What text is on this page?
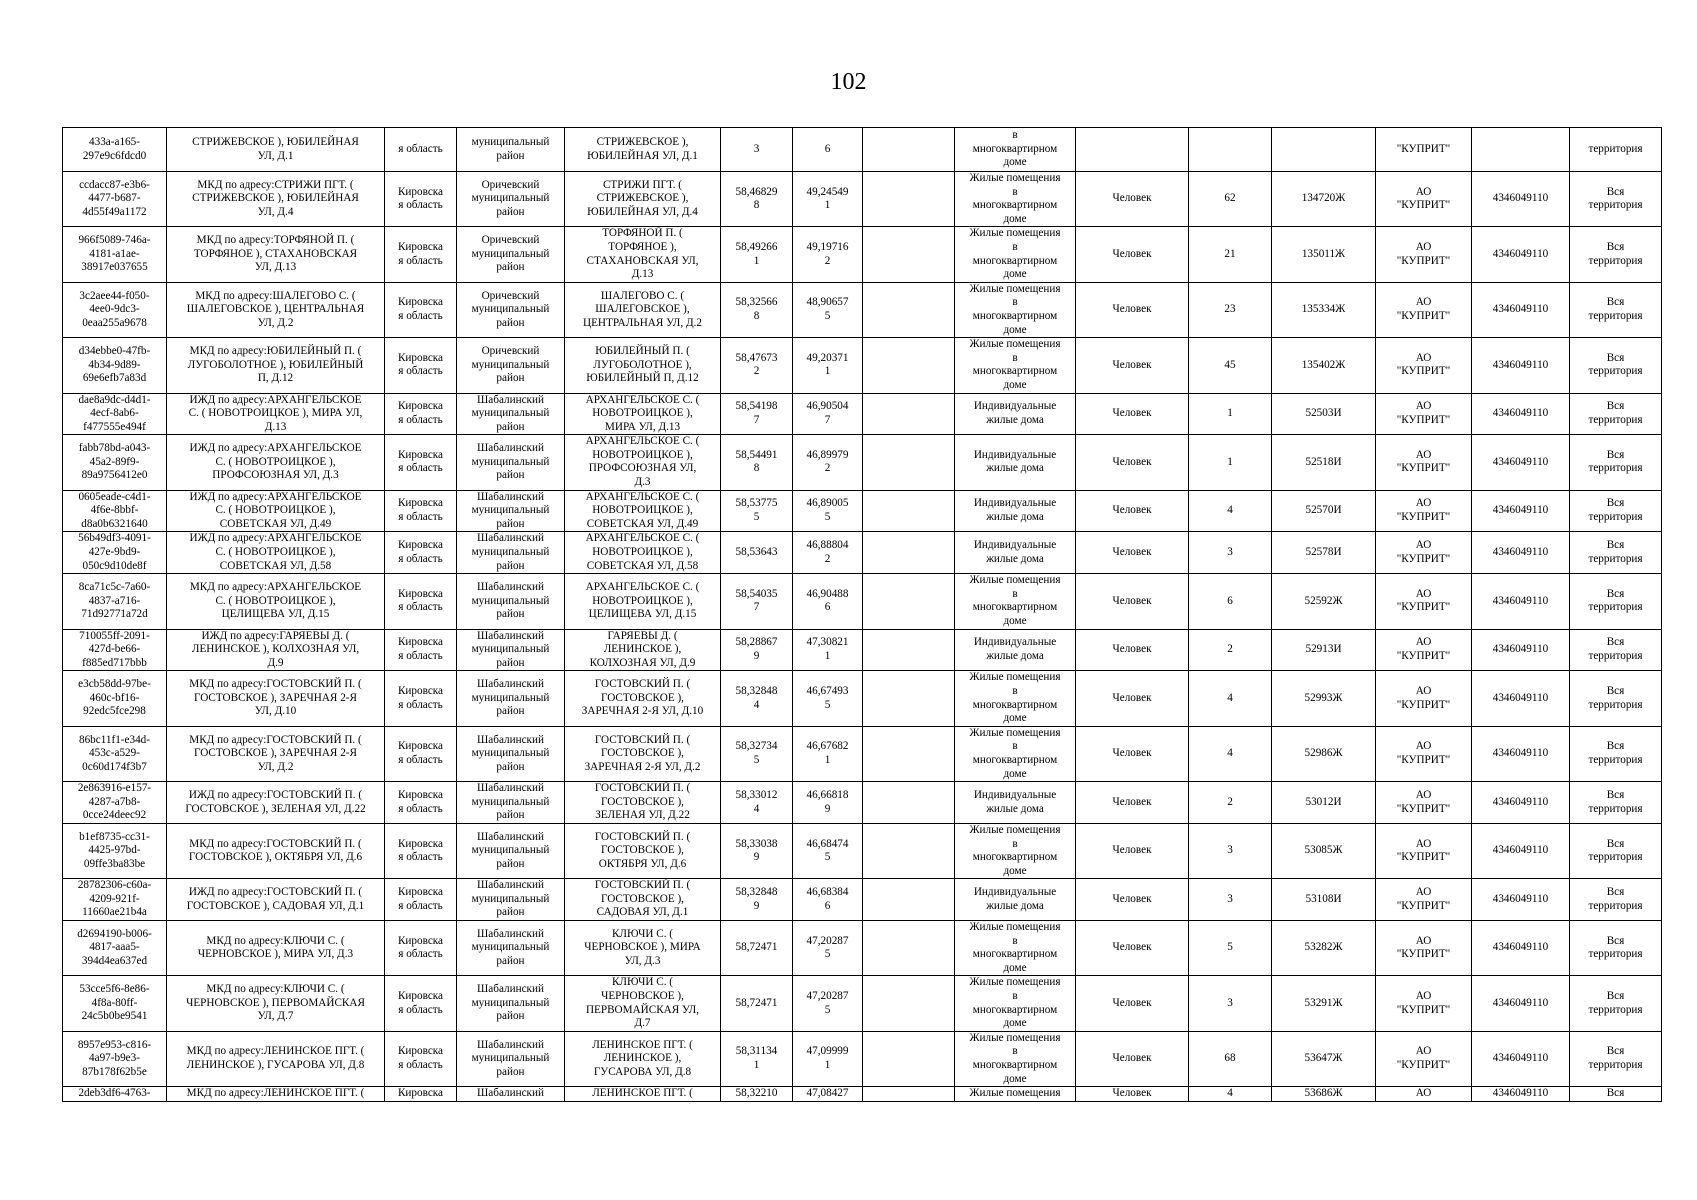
102
433a-a165-
297e9c6fdcd0	СТРИЖЕВСКОЕ ), ЮБИЛЕЙНАЯ
УЛ, Д.1	я область	муниципальный
район	СТРИЖЕВСКОЕ ),
ЮБИЛЕЙНАЯ УЛ, Д.1	3	6		в
многоквартирном
доме				"КУПРИТ"		территория
ccdacc87-e3b6-
4477-b687-
4d55f49a1172	МКД по адресу:СТРИЖИ ПГТ. (
СТРИЖЕВСКОЕ ), ЮБИЛЕЙНАЯ
УЛ, Д.4	Кировска
я область	Оричевский
муниципальный
район	СТРИЖИ ПГТ. (
СТРИЖЕВСКОЕ ),
ЮБИЛЕЙНАЯ УЛ, Д.4	58,46829
8	49,24549
1		Жилые помещения
в
многоквартирном
доме	Человек	62	134720Ж	АО
"КУПРИТ"	4346049110	Вся
территория
966f5089-746a-
4181-a1ae-
38917e037655	МКД по адресу:ТОРФЯНОЙ П. (
ТОРФЯНОЕ ), СТАХАНОВСКАЯ
УЛ, Д.13	Кировска
я область	Оричевский
муниципальный
район	ТОРФЯНОЙ П. (
ТОРФЯНОЕ ),
СТАХАНОВСКАЯ УЛ,
Д.13	58,49266
1	49,19716
2		Жилые помещения
в
многоквартирном
доме	Человек	21	135011Ж	АО
"КУПРИТ"	4346049110	Вся
территория
3c2aee44-f050-
4ee0-9dc3-
0eaa255a9678	МКД по адресу:ШАЛЕГОВО С. (
ШАЛЕГОВСКОЕ ), ЦЕНТРАЛЬНАЯ
УЛ, Д.2	Кировска
я область	Оричевский
муниципальный
район	ШАЛЕГОВО С. (
ШАЛЕГОВСКОЕ ),
ЦЕНТРАЛЬНАЯ УЛ, Д.2	58,32566
8	48,90657
5		Жилые помещения
в
многоквартирном
доме	Человек	23	135334Ж	АО
"КУПРИТ"	4346049110	Вся
территория
d34ebbe0-47fb-
4b34-9d89-
69e6efb7a83d	МКД по адресу:ЮБИЛЕЙНЫЙ П. (
ЛУГОБОЛОТНОЕ ), ЮБИЛЕЙНЫЙ
П, Д.12	Кировска
я область	Оричевский
муниципальный
район	ЮБИЛЕЙНЫЙ П. (
ЛУГОБОЛОТНОЕ ),
ЮБИЛЕЙНЫЙ П, Д.12	58,47673
2	49,20371
1		Жилые помещения
в
многоквартирном
доме	Человек	45	135402Ж	АО
"КУПРИТ"	4346049110	Вся
территория
dae8a9dc-d4d1-
4ecf-8ab6-
f477555e494f	ИЖД по адресу:АРХАНГЕЛЬСКОЕ
С. ( НОВОТРОИЦКОЕ ), МИРА УЛ,
Д.13	Кировска
я область	Шабалинский
муниципальный
район	АРХАНГЕЛЬСКОЕ С. (
НОВОТРОИЦКОЕ ),
МИРА УЛ, Д.13	58,54198
7	46,90504
7		Индивидуальные
жилые дома	Человек	1	52503И	АО
"КУПРИТ"	4346049110	Вся
территория
fabb78bd-a043-
45a2-89f9-
89a9756412e0	ИЖД по адресу:АРХАНГЕЛЬСКОЕ
С. ( НОВОТРОИЦКОЕ ),
ПРОФСОЮЗНАЯ УЛ, Д.3	Кировска
я область	Шабалинский
муниципальный
район	АРХАНГЕЛЬСКОЕ С. (
НОВОТРОИЦКОЕ ),
ПРОФСОЮЗНАЯ УЛ,
Д.3	58,54491
8	46,89979
2		Индивидуальные
жилые дома	Человек	1	52518И	АО
"КУПРИТ"	4346049110	Вся
территория
0605eade-c4d1-
4f6e-8bbf-
d8a0b6321640	ИЖД по адресу:АРХАНГЕЛЬСКОЕ
С. ( НОВОТРОИЦКОЕ ),
СОВЕТСКАЯ УЛ, Д.49	Кировска
я область	Шабалинский
муниципальный
район	АРХАНГЕЛЬСКОЕ С. (
НОВОТРОИЦКОЕ ),
СОВЕТСКАЯ УЛ, Д.49	58,53775
5	46,89005
5		Индивидуальные
жилые дома	Человек	4	52570И	АО
"КУПРИТ"	4346049110	Вся
территория
56b49df3-4091-
427e-9bd9-
050c9d10de8f	ИЖД по адресу:АРХАНГЕЛЬСКОЕ
С. ( НОВОТРОИЦКОЕ ),
СОВЕТСКАЯ УЛ, Д.58	Кировска
я область	Шабалинский
муниципальный
район	АРХАНГЕЛЬСКОЕ С. (
НОВОТРОИЦКОЕ ),
СОВЕТСКАЯ УЛ, Д.58	58,53643	46,88804
2		Индивидуальные
жилые дома	Человек	3	52578И	АО
"КУПРИТ"	4346049110	Вся
территория
8ca71c5c-7a60-
4837-a716-
71d92771a72d	МКД по адресу:АРХАНГЕЛЬСКОЕ
С. ( НОВОТРОИЦКОЕ ),
ЦЕЛИЩЕВА УЛ, Д.15	Кировска
я область	Шабалинский
муниципальный
район	АРХАНГЕЛЬСКОЕ С. (
НОВОТРОИЦКОЕ ),
ЦЕЛИЩЕВА УЛ, Д.15	58,54035
7	46,90488
6		Жилые помещения
в
многоквартирном
доме	Человек	6	52592Ж	АО
"КУПРИТ"	4346049110	Вся
территория
710055ff-2091-
427d-be66-
f885ed717bbb	ИЖД по адресу:ГАРЯЕВЫ Д. (
ЛЕНИНСКОЕ ), КОЛХОЗНАЯ УЛ,
Д.9	Кировска
я область	Шабалинский
муниципальный
район	ГАРЯЕВЫ Д. (
ЛЕНИНСКОЕ ),
КОЛХОЗНАЯ УЛ, Д.9	58,28867
9	47,30821
1		Индивидуальные
жилые дома	Человек	2	52913И	АО
"КУПРИТ"	4346049110	Вся
территория
e3cb58dd-97be-
460c-bf16-
92edc5fce298	МКД по адресу:ГОСТОВСКИЙ П. (
ГОСТОВСКОЕ ), ЗАРЕЧНАЯ 2-Я
УЛ, Д.10	Кировска
я область	Шабалинский
муниципальный
район	ГОСТОВСКИЙ П. (
ГОСТОВСКОЕ ),
ЗАРЕЧНАЯ 2-Я УЛ, Д.10	58,32848
4	46,67493
5		Жилые помещения
в
многоквартирном
доме	Человек	4	52993Ж	АО
"КУПРИТ"	4346049110	Вся
территория
86bc11f1-e34d-
453c-a529-
0c60d174f3b7	МКД по адресу:ГОСТОВСКИЙ П. (
ГОСТОВСКОЕ ), ЗАРЕЧНАЯ 2-Я
УЛ, Д.2	Кировска
я область	Шабалинский
муниципальный
район	ГОСТОВСКИЙ П. (
ГОСТОВСКОЕ ),
ЗАРЕЧНАЯ 2-Я УЛ, Д.2	58,32734
5	46,67682
1		Жилые помещения
в
многоквартирном
доме	Человек	4	52986Ж	АО
"КУПРИТ"	4346049110	Вся
территория
2e863916-e157-
4287-a7b8-
0cce24deec92	ИЖД по адресу:ГОСТОВСКИЙ П. (
ГОСТОВСКОЕ ), ЗЕЛЕНАЯ УЛ, Д.22	Кировска
я область	Шабалинский
муниципальный
район	ГОСТОВСКИЙ П. (
ГОСТОВСКОЕ ),
ЗЕЛЕНАЯ УЛ, Д.22	58,33012
4	46,66818
9		Индивидуальные
жилые дома	Человек	2	53012И	АО
"КУПРИТ"	4346049110	Вся
территория
b1ef8735-cc31-
4425-97bd-
09ffe3ba83be	МКД по адресу:ГОСТОВСКИЙ П. (
ГОСТОВСКОЕ ), ОКТЯБРЯ УЛ, Д.6	Кировска
я область	Шабалинский
муниципальный
район	ГОСТОВСКИЙ П. (
ГОСТОВСКОЕ ),
ОКТЯБРЯ УЛ, Д.6	58,33038
9	46,68474
5		Жилые помещения
в
многоквартирном
доме	Человек	3	53085Ж	АО
"КУПРИТ"	4346049110	Вся
территория
28782306-c60a-
4209-921f-
11660ae21b4a	ИЖД по адресу:ГОСТОВСКИЙ П. (
ГОСТОВСКОЕ ), САДОВАЯ УЛ, Д.1	Кировска
я область	Шабалинский
муниципальный
район	ГОСТОВСКИЙ П. (
ГОСТОВСКОЕ ),
САДОВАЯ УЛ, Д.1	58,32848
9	46,68384
6		Индивидуальные
жилые дома	Человек	3	53108И	АО
"КУПРИТ"	4346049110	Вся
территория
d2694190-b006-
4817-aaa5-
394d4ea637ed	МКД по адресу:КЛЮЧИ С. (
ЧЕРНОВСКОЕ ), МИРА УЛ, Д.3	Кировска
я область	Шабалинский
муниципальный
район	КЛЮЧИ С. (
ЧЕРНОВСКОЕ ), МИРА
УЛ, Д.3	58,72471	47,20287
5		Жилые помещения
в
многоквартирном
доме	Человек	5	53282Ж	АО
"КУПРИТ"	4346049110	Вся
территория
53cce5f6-8e86-
4f8a-80ff-
24c5b0be9541	МКД по адресу:КЛЮЧИ С. (
ЧЕРНОВСКОЕ ), ПЕРВОМАЙСКАЯ
УЛ, Д.7	Кировска
я область	Шабалинский
муниципальный
район	КЛЮЧИ С. (
ЧЕРНОВСКОЕ ),
ПЕРВОМАЙСКАЯ УЛ,
Д.7	58,72471	47,20287
5		Жилые помещения
в
многоквартирном
доме	Человек	3	53291Ж	АО
"КУПРИТ"	4346049110	Вся
территория
8957e953-c816-
4a97-b9e3-
87b178f62b5e	МКД по адресу:ЛЕНИНСКОЕ ПГТ. (
ЛЕНИНСКОЕ ), ГУСАРОВА УЛ, Д.8	Кировска
я область	Шабалинский
муниципальный
район	ЛЕНИНСКОЕ ПГТ. (
ЛЕНИНСКОЕ ),
ГУСАРОВА УЛ, Д.8	58,31134
1	47,09999
1		Жилые помещения
в
многоквартирном
доме	Человек	68	53647Ж	АО
"КУПРИТ"	4346049110	Вся
территория
2deb3df6-4763-	МКД по адресу:ЛЕНИНСКОЕ ПГТ. (	Кировска	Шабалинский	ЛЕНИНСКОЕ ПГТ. (	58,32210	47,08427		Жилые помещения	Человек	4	53686Ж	АО	4346049110	Вся
